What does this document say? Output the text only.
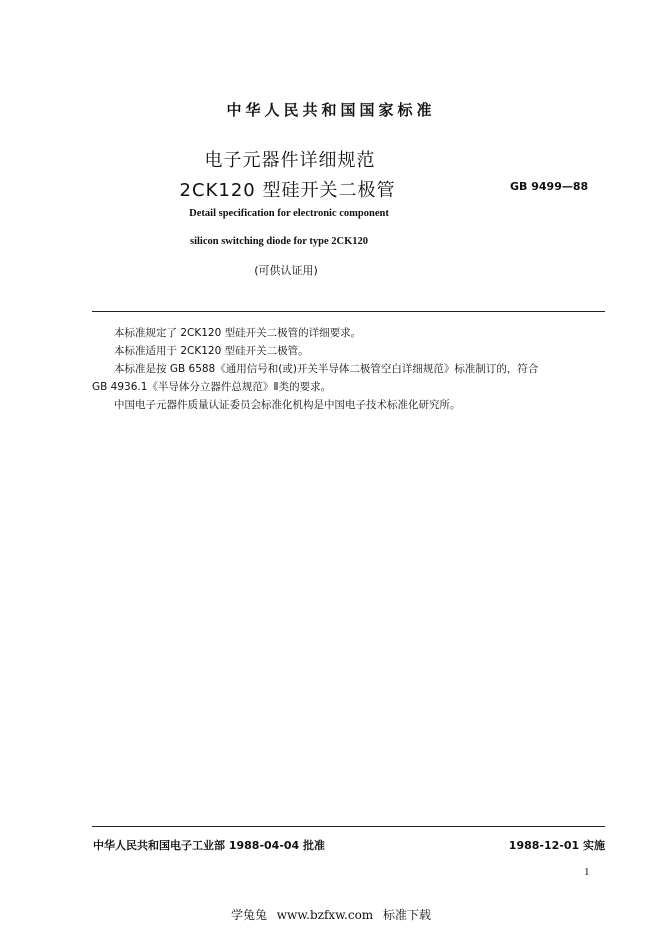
中华人民共和国国家标准
电子元器件详细规范
2CK120 型硅开关二极管	GB 9499—88
Detail specification for electronic component
silicon switching diode for type 2CK120
(可供认证用)

本标准规定了 2CK120 型硅开关二极管的详细要求。

本标准适用于 2CK120 型硅开关二极管。

本标准是按 GB 6588《通用信号和(或)开关半导体二极管空白详细规范》标准制订的，符合

GB 4936.1《半导体分立器件总规范》Ⅱ类的要求。

中国电子元器件质量认证委员会标准化机构是中国电子技术标准化研究所。

中华人民共和国电子工业部 1988-04-04 批准	1988-12-01 实施
1
学兔兔 www.bzfxw.com 标准下载
